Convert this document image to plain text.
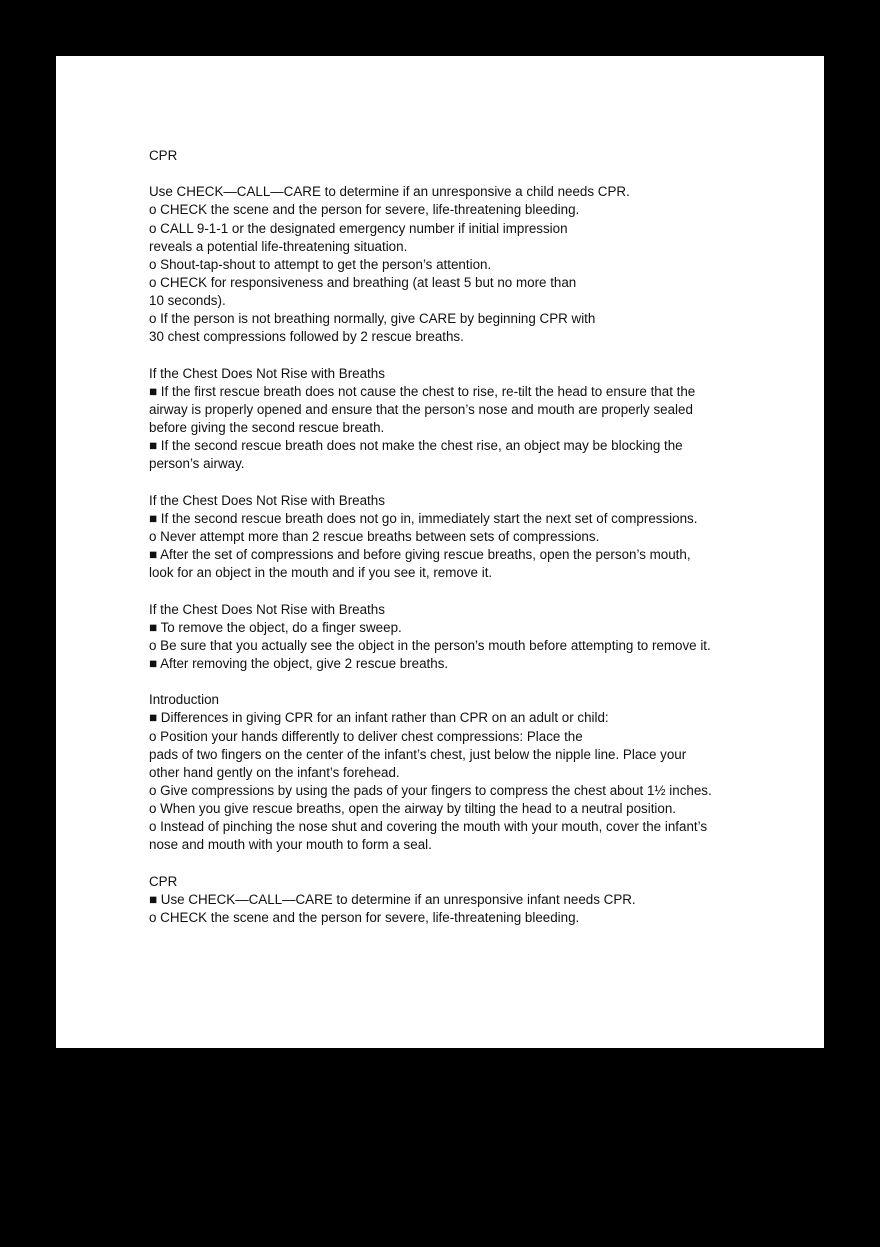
CPR
Use CHECK—CALL—CARE to determine if an unresponsive a child needs CPR.
o CHECK the scene and the person for severe, life-threatening bleeding.
o CALL 9-1-1 or the designated emergency number if initial impression
reveals a potential life-threatening situation.
o Shout-tap-shout to attempt to get the person’s attention.
o CHECK for responsiveness and breathing (at least 5 but no more than
10 seconds).
o If the person is not breathing normally, give CARE by beginning CPR with
30 chest compressions followed by 2 rescue breaths.
If the Chest Does Not Rise with Breaths
■ If the first rescue breath does not cause the chest to rise, re-tilt the head to ensure that the
airway is properly opened and ensure that the person’s nose and mouth are properly sealed
before giving the second rescue breath.
■ If the second rescue breath does not make the chest rise, an object may be blocking the
person’s airway.
If the Chest Does Not Rise with Breaths
■ If the second rescue breath does not go in, immediately start the next set of compressions.
o Never attempt more than 2 rescue breaths between sets of compressions.
■ After the set of compressions and before giving rescue breaths, open the person’s mouth,
look for an object in the mouth and if you see it, remove it.
If the Chest Does Not Rise with Breaths
■ To remove the object, do a finger sweep.
o Be sure that you actually see the object in the person’s mouth before attempting to remove it.
■ After removing the object, give 2 rescue breaths.
Introduction
■ Differences in giving CPR for an infant rather than CPR on an adult or child:
o Position your hands differently to deliver chest compressions: Place the
pads of two fingers on the center of the infant’s chest, just below the nipple line. Place your
other hand gently on the infant’s forehead.
o Give compressions by using the pads of your fingers to compress the chest about 1½ inches.
o When you give rescue breaths, open the airway by tilting the head to a neutral position.
o Instead of pinching the nose shut and covering the mouth with your mouth, cover the infant’s
nose and mouth with your mouth to form a seal.
CPR
■ Use CHECK—CALL—CARE to determine if an unresponsive infant needs CPR.
o CHECK the scene and the person for severe, life-threatening bleeding.
